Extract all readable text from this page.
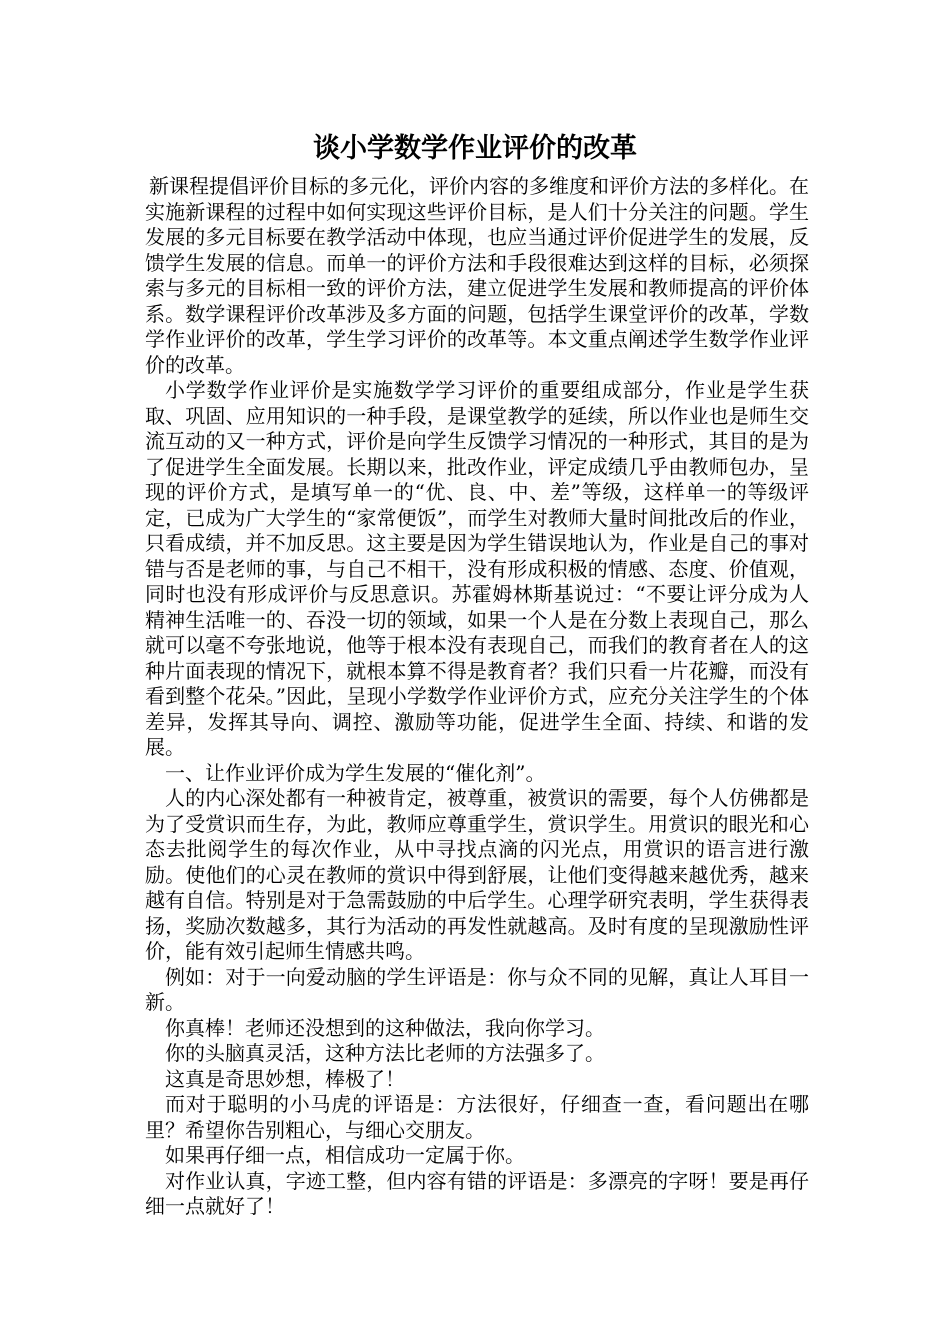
谈小学数学作业评价的改革

新课程提倡评价目标的多元化，评价内容的多维度和评价方法的多样化。在实施新课程的过程中如何实现这些评价目标，是人们十分关注的问题。学生发展的多元目标要在教学活动中体现，也应当通过评价促进学生的发展，反馈学生发展的信息。而单一的评价方法和手段很难达到这样的目标，必须探索与多元的目标相一致的评价方法，建立促进学生发展和教师提高的评价体系。数学课程评价改革涉及多方面的问题，包括学生课堂评价的改革，学数学作业评价的改革，学生学习评价的改革等。本文重点阐述学生数学作业评价的改革。

小学数学作业评价是实施数学学习评价的重要组成部分，作业是学生获取、巩固、应用知识的一种手段，是课堂教学的延续，所以作业也是师生交流互动的又一种方式，评价是向学生反馈学习情况的一种形式，其目的是为了促进学生全面发展。长期以来，批改作业，评定成绩几乎由教师包办，呈现的评价方式，是填写单一的“优、良、中、差”等级，这样单一的等级评定，已成为广大学生的“家常便饭”，而学生对教师大量时间批改后的作业，只看成绩，并不加反思。这主要是因为学生错误地认为，作业是自己的事对错与否是老师的事，与自己不相干，没有形成积极的情感、态度、价值观，同时也没有形成评价与反思意识。苏霍姆林斯基说过：“不要让评分成为人精神生活唯一的、吞没一切的领域，如果一个人是在分数上表现自己，那么就可以毫不夸张地说，他等于根本没有表现自己，而我们的教育者在人的这种片面表现的情况下，就根本算不得是教育者？我们只看一片花瓣，而没有看到整个花朵。”因此，呈现小学数学作业评价方式，应充分关注学生的个体差异，发挥其导向、调控、激励等功能，促进学生全面、持续、和谐的发展。

一、让作业评价成为学生发展的“催化剂”。

人的内心深处都有一种被肯定，被尊重，被赏识的需要，每个人仿佛都是为了受赏识而生存，为此，教师应尊重学生，赏识学生。用赏识的眼光和心态去批阅学生的每次作业，从中寻找点滴的闪光点，用赏识的语言进行激励。使他们的心灵在教师的赏识中得到舒展，让他们变得越来越优秀，越来越有自信。特别是对于急需鼓励的中后学生。心理学研究表明，学生获得表扬，奖励次数越多，其行为活动的再发性就越高。及时有度的呈现激励性评价，能有效引起师生情感共鸣。

例如：对于一向爱动脑的学生评语是：你与众不同的见解，真让人耳目一新。

你真棒！老师还没想到的这种做法，我向你学习。

你的头脑真灵活，这种方法比老师的方法强多了。

这真是奇思妙想，棒极了！

而对于聪明的小马虎的评语是：方法很好，仔细查一查，看问题出在哪里？希望你告别粗心，与细心交朋友。

如果再仔细一点，相信成功一定属于你。

对作业认真，字迹工整，但内容有错的评语是：多漂亮的字呀！要是再仔细一点就好了！
